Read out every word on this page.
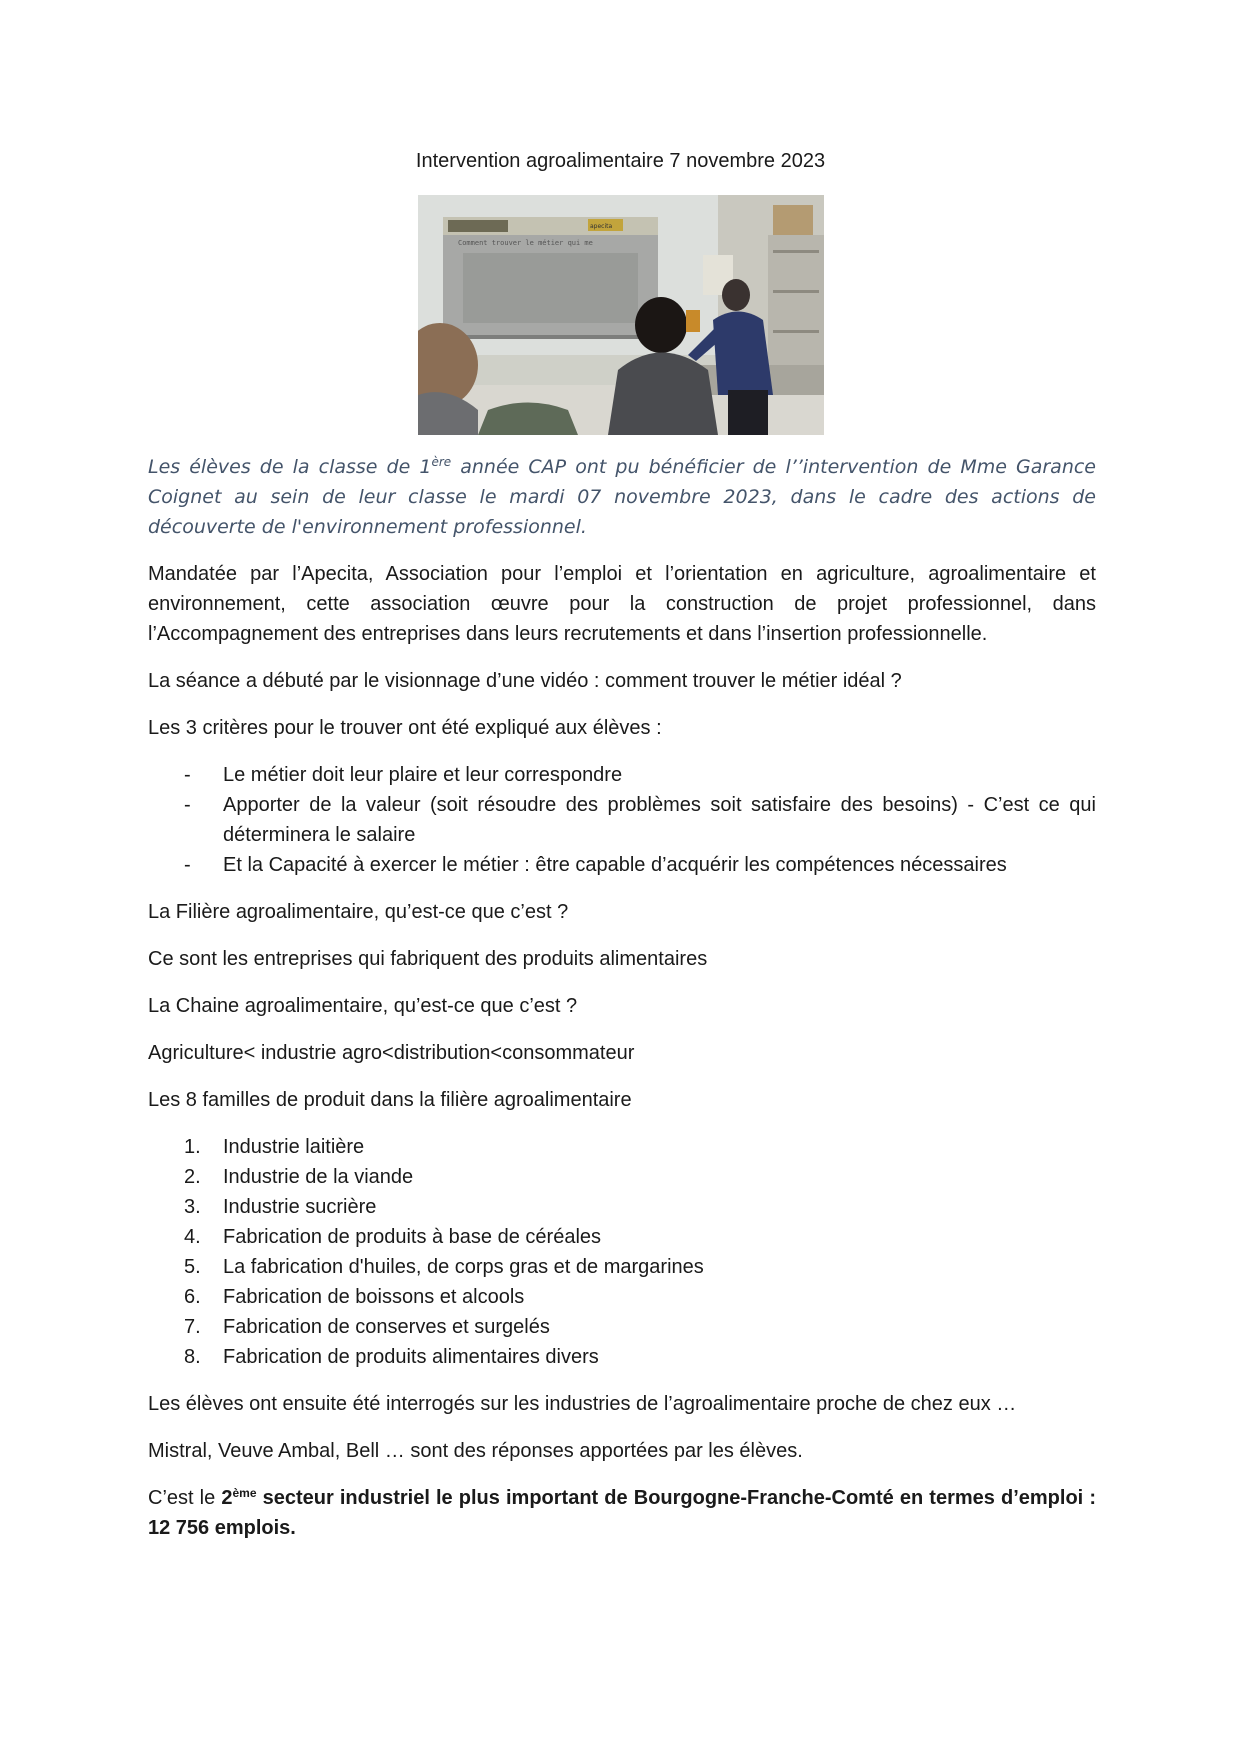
Intervention agroalimentaire 7 novembre 2023
Comment trouver le métier qui me
apecita

Les élèves de la classe de 1ère année CAP ont pu bénéficier de l’’intervention de Mme Garance Coignet au sein de leur classe le mardi 07 novembre 2023, dans le cadre des actions de découverte de l'environnement professionnel.

Mandatée par l’Apecita, Association pour l’emploi et l’orientation en agriculture, agroalimentaire et environnement, cette association œuvre pour la construction de projet professionnel, dans l’Accompagnement des entreprises dans leurs recrutements et dans l’insertion professionnelle.

La séance a débuté par le visionnage d’une vidéo : comment trouver le métier idéal ?

Les 3 critères pour le trouver ont été expliqué aux élèves :

- Le métier doit leur plaire et leur correspondre
- Apporter de la valeur (soit résoudre des problèmes soit satisfaire des besoins) - C’est ce qui déterminera le salaire
- Et la Capacité à exercer le métier : être capable d’acquérir les compétences nécessaires

La Filière agroalimentaire, qu’est-ce que c’est ?

Ce sont les entreprises qui fabriquent des produits alimentaires

La Chaine agroalimentaire, qu’est-ce que c’est ?

Agriculture< industrie agro<distribution<consommateur

Les 8 familles de produit dans la filière agroalimentaire

1. Industrie laitière
2. Industrie de la viande
3. Industrie sucrière
4. Fabrication de produits à base de céréales
5. La fabrication d'huiles, de corps gras et de margarines
6. Fabrication de boissons et alcools
7. Fabrication de conserves et surgelés
8. Fabrication de produits alimentaires divers

Les élèves ont ensuite été interrogés sur les industries de l’agroalimentaire proche de chez eux …

Mistral, Veuve Ambal, Bell … sont des réponses apportées par les élèves.

C’est le 2ème secteur industriel le plus important de Bourgogne-Franche-Comté en termes d’emploi : 12 756 emplois.
